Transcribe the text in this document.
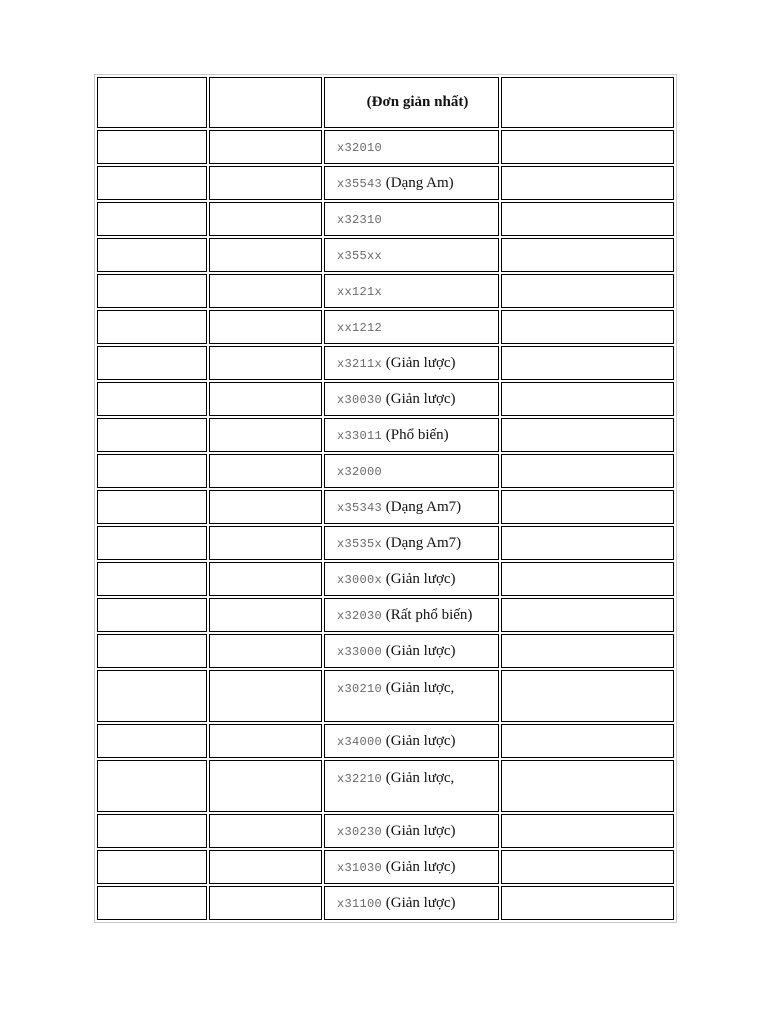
		(Đơn giản nhất)	
		x32010	
		x35543 (Dạng Am)	
		x32310	
		x355xx	
		xx121x	
		xx1212	
		x3211x (Giản lược)	
		x30030 (Giản lược)	
		x33011 (Phổ biến)	
		x32000	
		x35343 (Dạng Am7)	
		x3535x (Dạng Am7)	
		x3000x (Giản lược)	
		x32030 (Rất phổ biến)	
		x33000 (Giản lược)	
		x30210 (Giản lược,	
		x34000 (Giản lược)	
		x32210 (Giản lược,	
		x30230 (Giản lược)	
		x31030 (Giản lược)	
		x31100 (Giản lược)	
